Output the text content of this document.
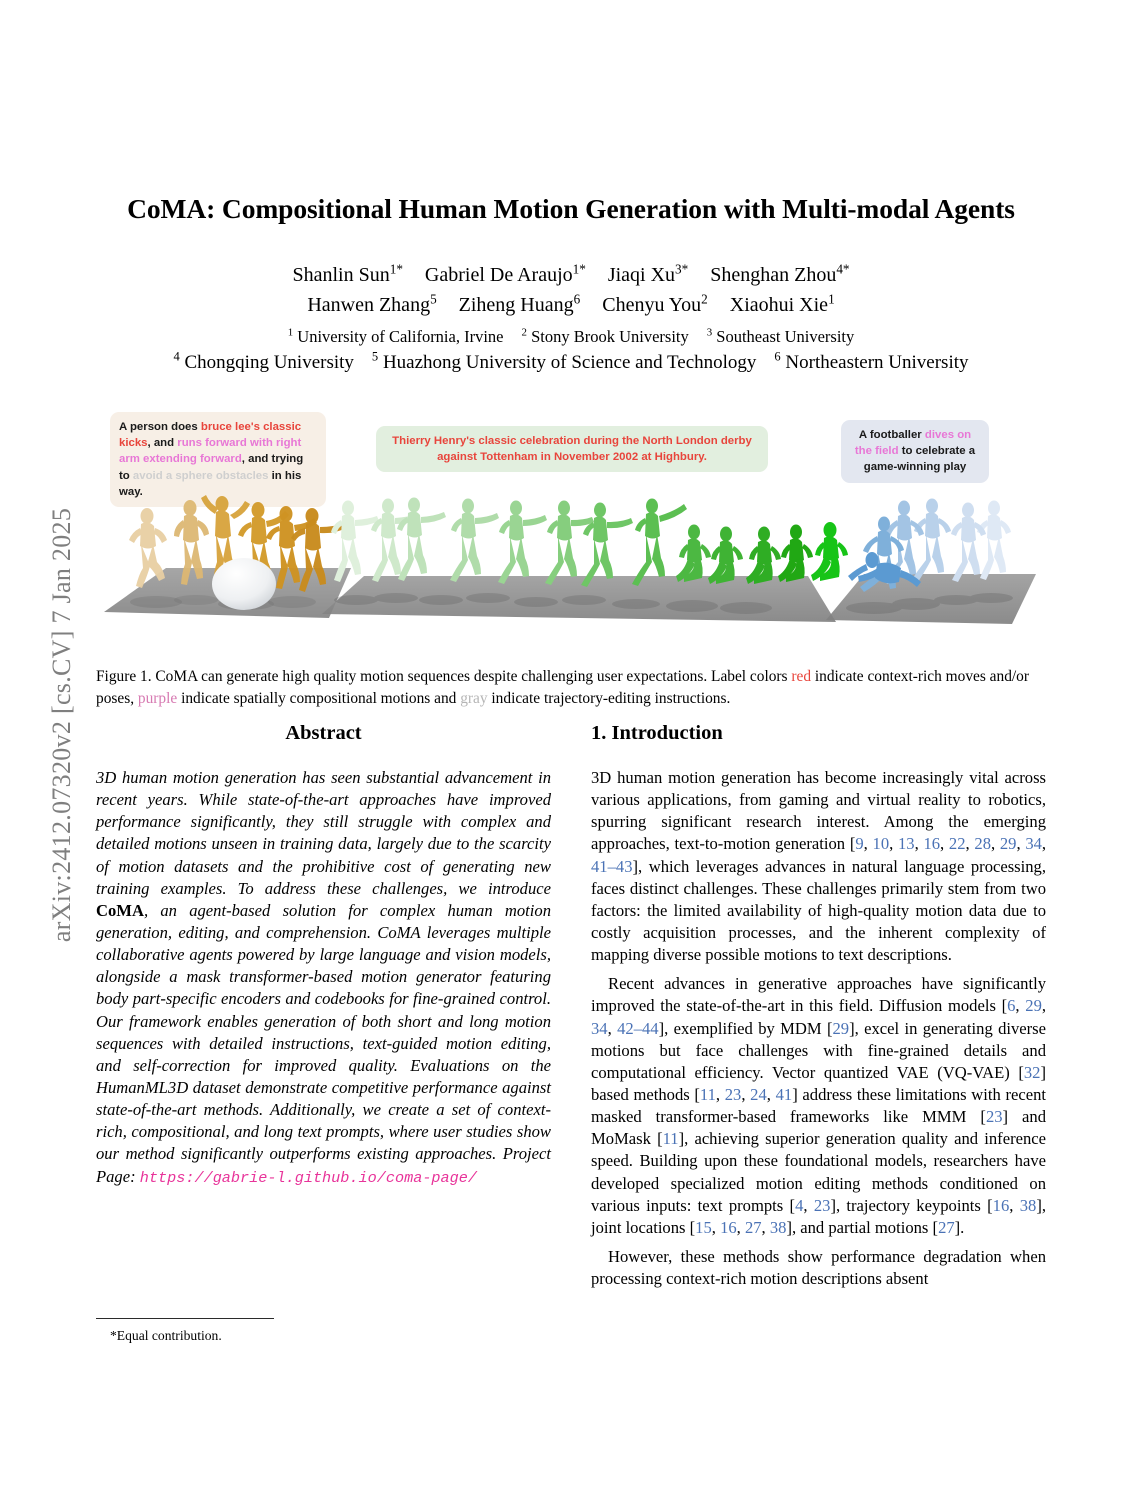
arXiv:2412.07320v2 [cs.CV] 7 Jan 2025
CoMA: Compositional Human Motion Generation with Multi-modal Agents
Shanlin Sun$^{1*}$ Gabriel De Araujo$^{1*}$ Jiaqi $Xu^{3*}$ Shenghan Zhou$^{4*}$
Hanwen Zhang$^5$ Ziheng Huang$^6$ Chenyu You$^2$ Xiaohui Xie$^1$
$^1$ University of California, Irvine $^2$ Stony Brook University $^3$ Southeast University
$^4$ Chongqing University $^5$ Huazhong University of Science and Technology $^6$ Northeastern University
A person does bruce lee's classic kicks, and runs forward with right arm extending forward, and trying to avoid a sphere obstacles in his way.
Thierry Henry's classic celebration during the North London derby against Tottenham in November 2002 at Highbury.
A footballer dives on the field to celebrate a game-winning play
Figure 1. CoMA can generate high quality motion sequences despite challenging user expectations. Label colors red indicate context-rich moves and/or poses, purple indicate spatially compositional motions and gray indicate trajectory-editing instructions.
Abstract
3D human motion generation has seen substantial advancement in recent years. While state-of-the-art approaches have improved performance significantly, they still struggle with complex and detailed motions unseen in training data, largely due to the scarcity of motion datasets and the prohibitive cost of generating new training examples. To address these challenges, we introduce CoMA, an agent-based solution for complex human motion generation, editing, and comprehension. CoMA leverages multiple collaborative agents powered by large language and vision models, alongside a mask transformer-based motion generator featuring body part-specific encoders and codebooks for fine-grained control. Our framework enables generation of both short and long motion sequences with detailed instructions, text-guided motion editing, and self-correction for improved quality. Evaluations on the HumanML3D dataset demonstrate competitive performance against state-of-the-art methods. Additionally, we create a set of context-rich, compositional, and long text prompts, where user studies show our method significantly outperforms existing approaches. Project Page: https://gabrie-l.github.io/coma-page/
1. Introduction

3D human motion generation has become increasingly vital across various applications, from gaming and virtual reality to robotics, spurring significant research interest. Among the emerging approaches, text-to-motion generation [9, 10, 13, 16, 22, 28, 29, 34, 41–43], which leverages advances in natural language processing, faces distinct challenges. These challenges primarily stem from two factors: the limited availability of high-quality motion data due to costly acquisition processes, and the inherent complexity of mapping diverse possible motions to text descriptions.

Recent advances in generative approaches have significantly improved the state-of-the-art in this field. Diffusion models [6, 29, 34, 42–44], exemplified by MDM [29], excel in generating diverse motions but face challenges with fine-grained details and computational efficiency. Vector quantized VAE (VQ-VAE) [32] based methods [11, 23, 24, 41] address these limitations with recent masked transformer-based frameworks like MMM [23] and MoMask [11], achieving superior generation quality and inference speed. Building upon these foundational models, researchers have developed specialized motion editing methods conditioned on various inputs: text prompts [4, 23], trajectory keypoints [16, 38], joint locations [15, 16, 27, 38], and partial motions [27].

However, these methods show performance degradation when processing context-rich motion descriptions absent

*Equal contribution.
